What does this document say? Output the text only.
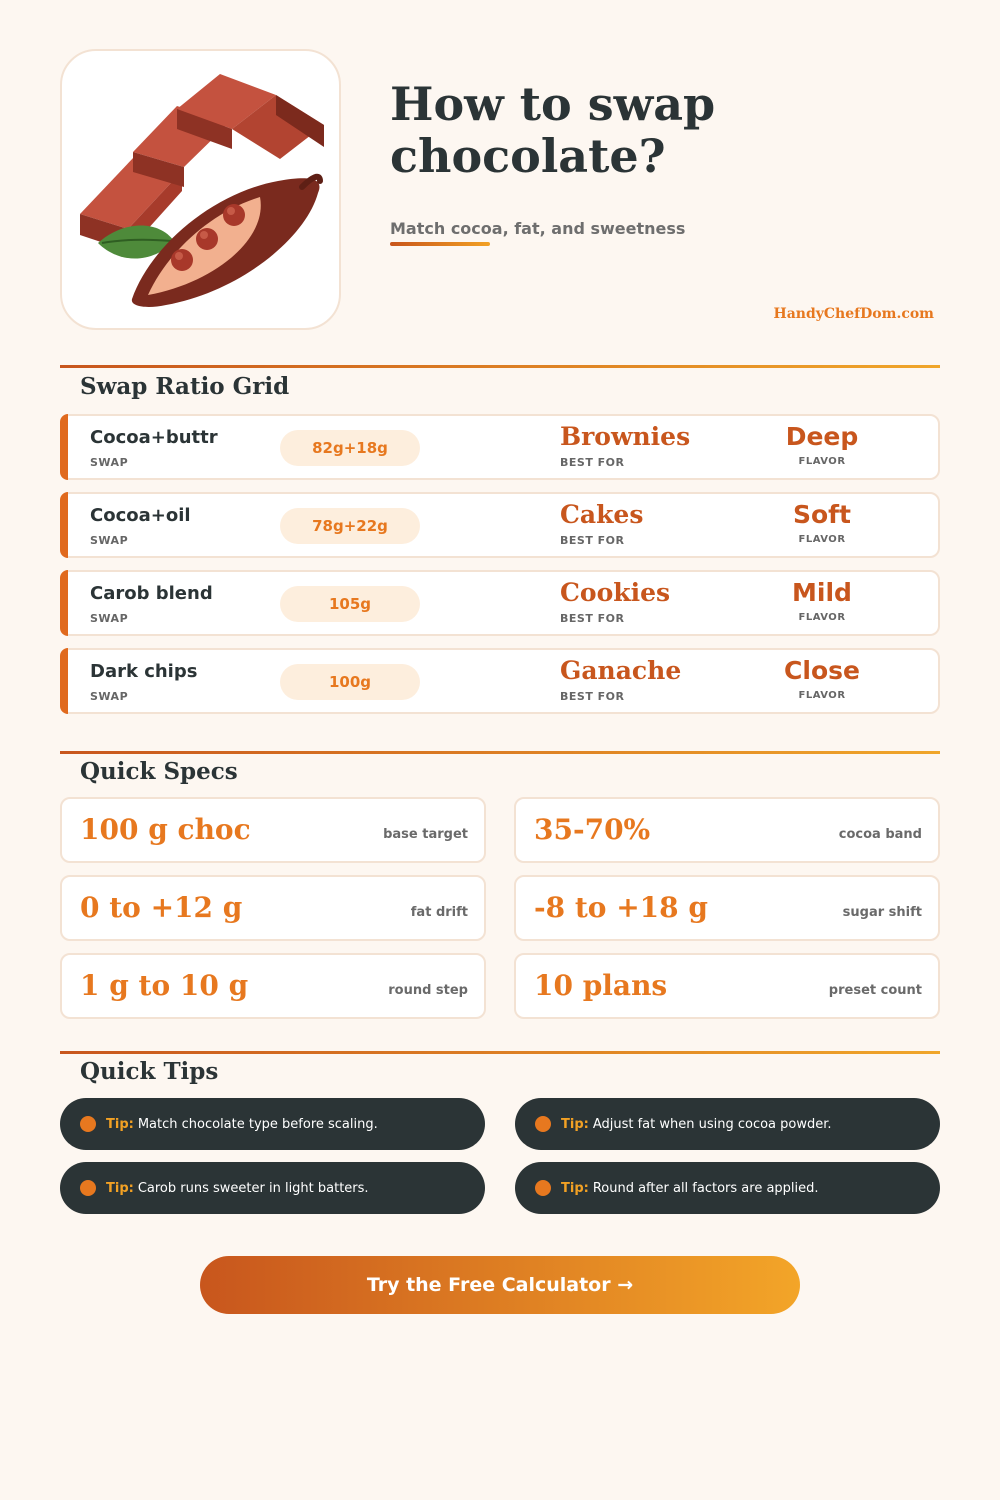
How to swap chocolate?
Match cocoa, fat, and sweetness
HandyChefDom.com
Swap Ratio Grid
Cocoa+buttr
SWAP
82g+18g	Brownies
BEST FOR
Deep
FLAVOR
Cocoa+oil
SWAP
78g+22g	Cakes
BEST FOR
Soft
FLAVOR
Carob blend
SWAP
105g	Cookies
BEST FOR
Mild
FLAVOR
Dark chips
SWAP
100g	Ganache
BEST FOR
Close
FLAVOR
Quick Specs
100 g choc	base target 35-70%	cocoa band
0 to +12 g	fat drift -8 to +18 g	sugar shift
1 g to 10 g	round step 10 plans	preset count
Quick Tips
Tip: Match chocolate type before scaling.	Tip: Adjust fat when using cocoa powder.
Tip: Carob runs sweeter in light batters.	Tip: Round after all factors are applied.
Try the Free Calculator →
